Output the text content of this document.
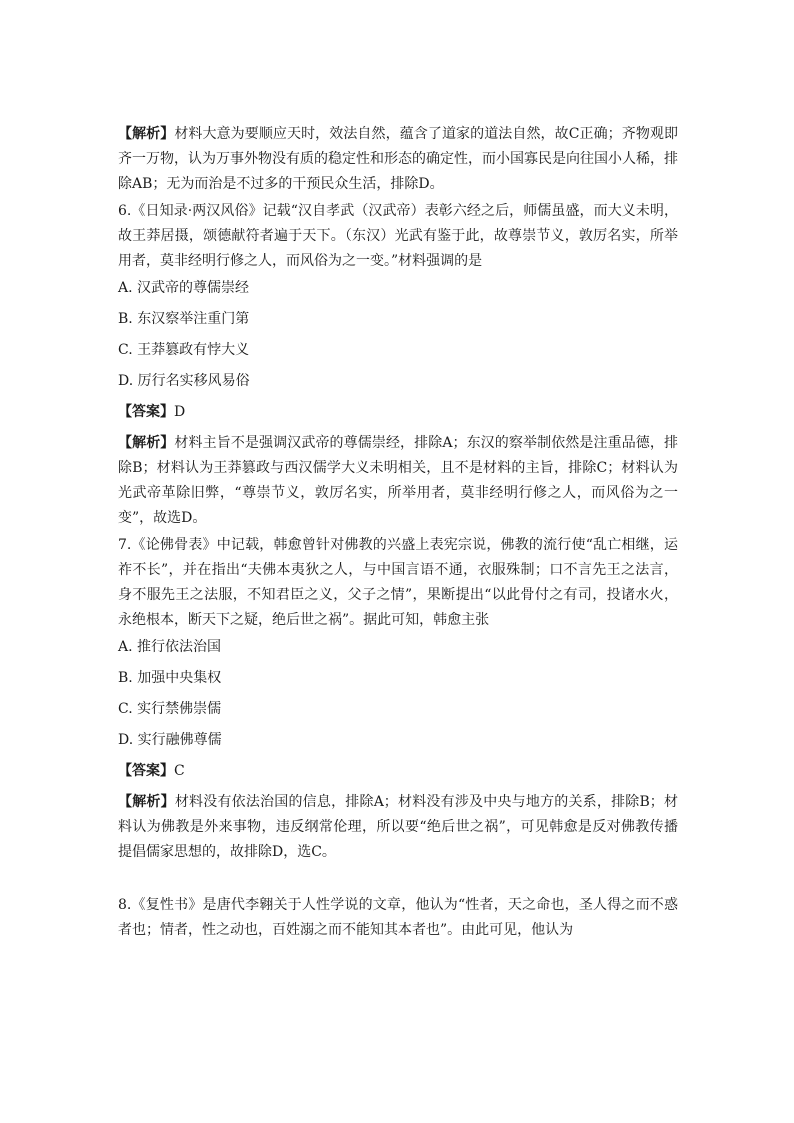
【解析】材料大意为要顺应天时，效法自然，蕴含了道家的道法自然，故C正确；齐物观即齐一万物，认为万事外物没有质的稳定性和形态的确定性，而小国寡民是向往国小人稀，排除AB；无为而治是不过多的干预民众生活，排除D。

6.《日知录·两汉风俗》记载“汉自孝武（汉武帝）表彰六经之后，师儒虽盛，而大义未明，故王莽居摄，颂德献符者遍于天下。（东汉）光武有鉴于此，故尊崇节义，敦厉名实，所举用者，莫非经明行修之人，而风俗为之一变。”材料强调的是

A. 汉武帝的尊儒崇经
B. 东汉察举注重门第
C. 王莽篡政有悖大义
D. 厉行名实移风易俗
【答案】D

【解析】材料主旨不是强调汉武帝的尊儒崇经，排除A；东汉的察举制依然是注重品德，排除B；材料认为王莽篡政与西汉儒学大义未明相关，且不是材料的主旨，排除C；材料认为光武帝革除旧弊，“尊崇节义，敦厉名实，所举用者，莫非经明行修之人，而风俗为之一变”，故选D。

7.《论佛骨表》中记载，韩愈曾针对佛教的兴盛上表宪宗说，佛教的流行使“乱亡相继，运祚不长”，并在指出“夫佛本夷狄之人，与中国言语不通，衣服殊制；口不言先王之法言，身不服先王之法服，不知君臣之义，父子之情”，果断提出“以此骨付之有司，投诸水火，永绝根本，断天下之疑，绝后世之祸”。据此可知，韩愈主张

A. 推行依法治国
B. 加强中央集权
C. 实行禁佛崇儒
D. 实行融佛尊儒
【答案】C

【解析】材料没有依法治国的信息，排除A；材料没有涉及中央与地方的关系，排除B；材料认为佛教是外来事物，违反纲常伦理，所以要“绝后世之祸”，可见韩愈是反对佛教传播提倡儒家思想的，故排除D，选C。

8.《复性书》是唐代李翱关于人性学说的文章，他认为“性者，天之命也，圣人得之而不惑者也；情者，性之动也，百姓溺之而不能知其本者也”。由此可见，他认为
